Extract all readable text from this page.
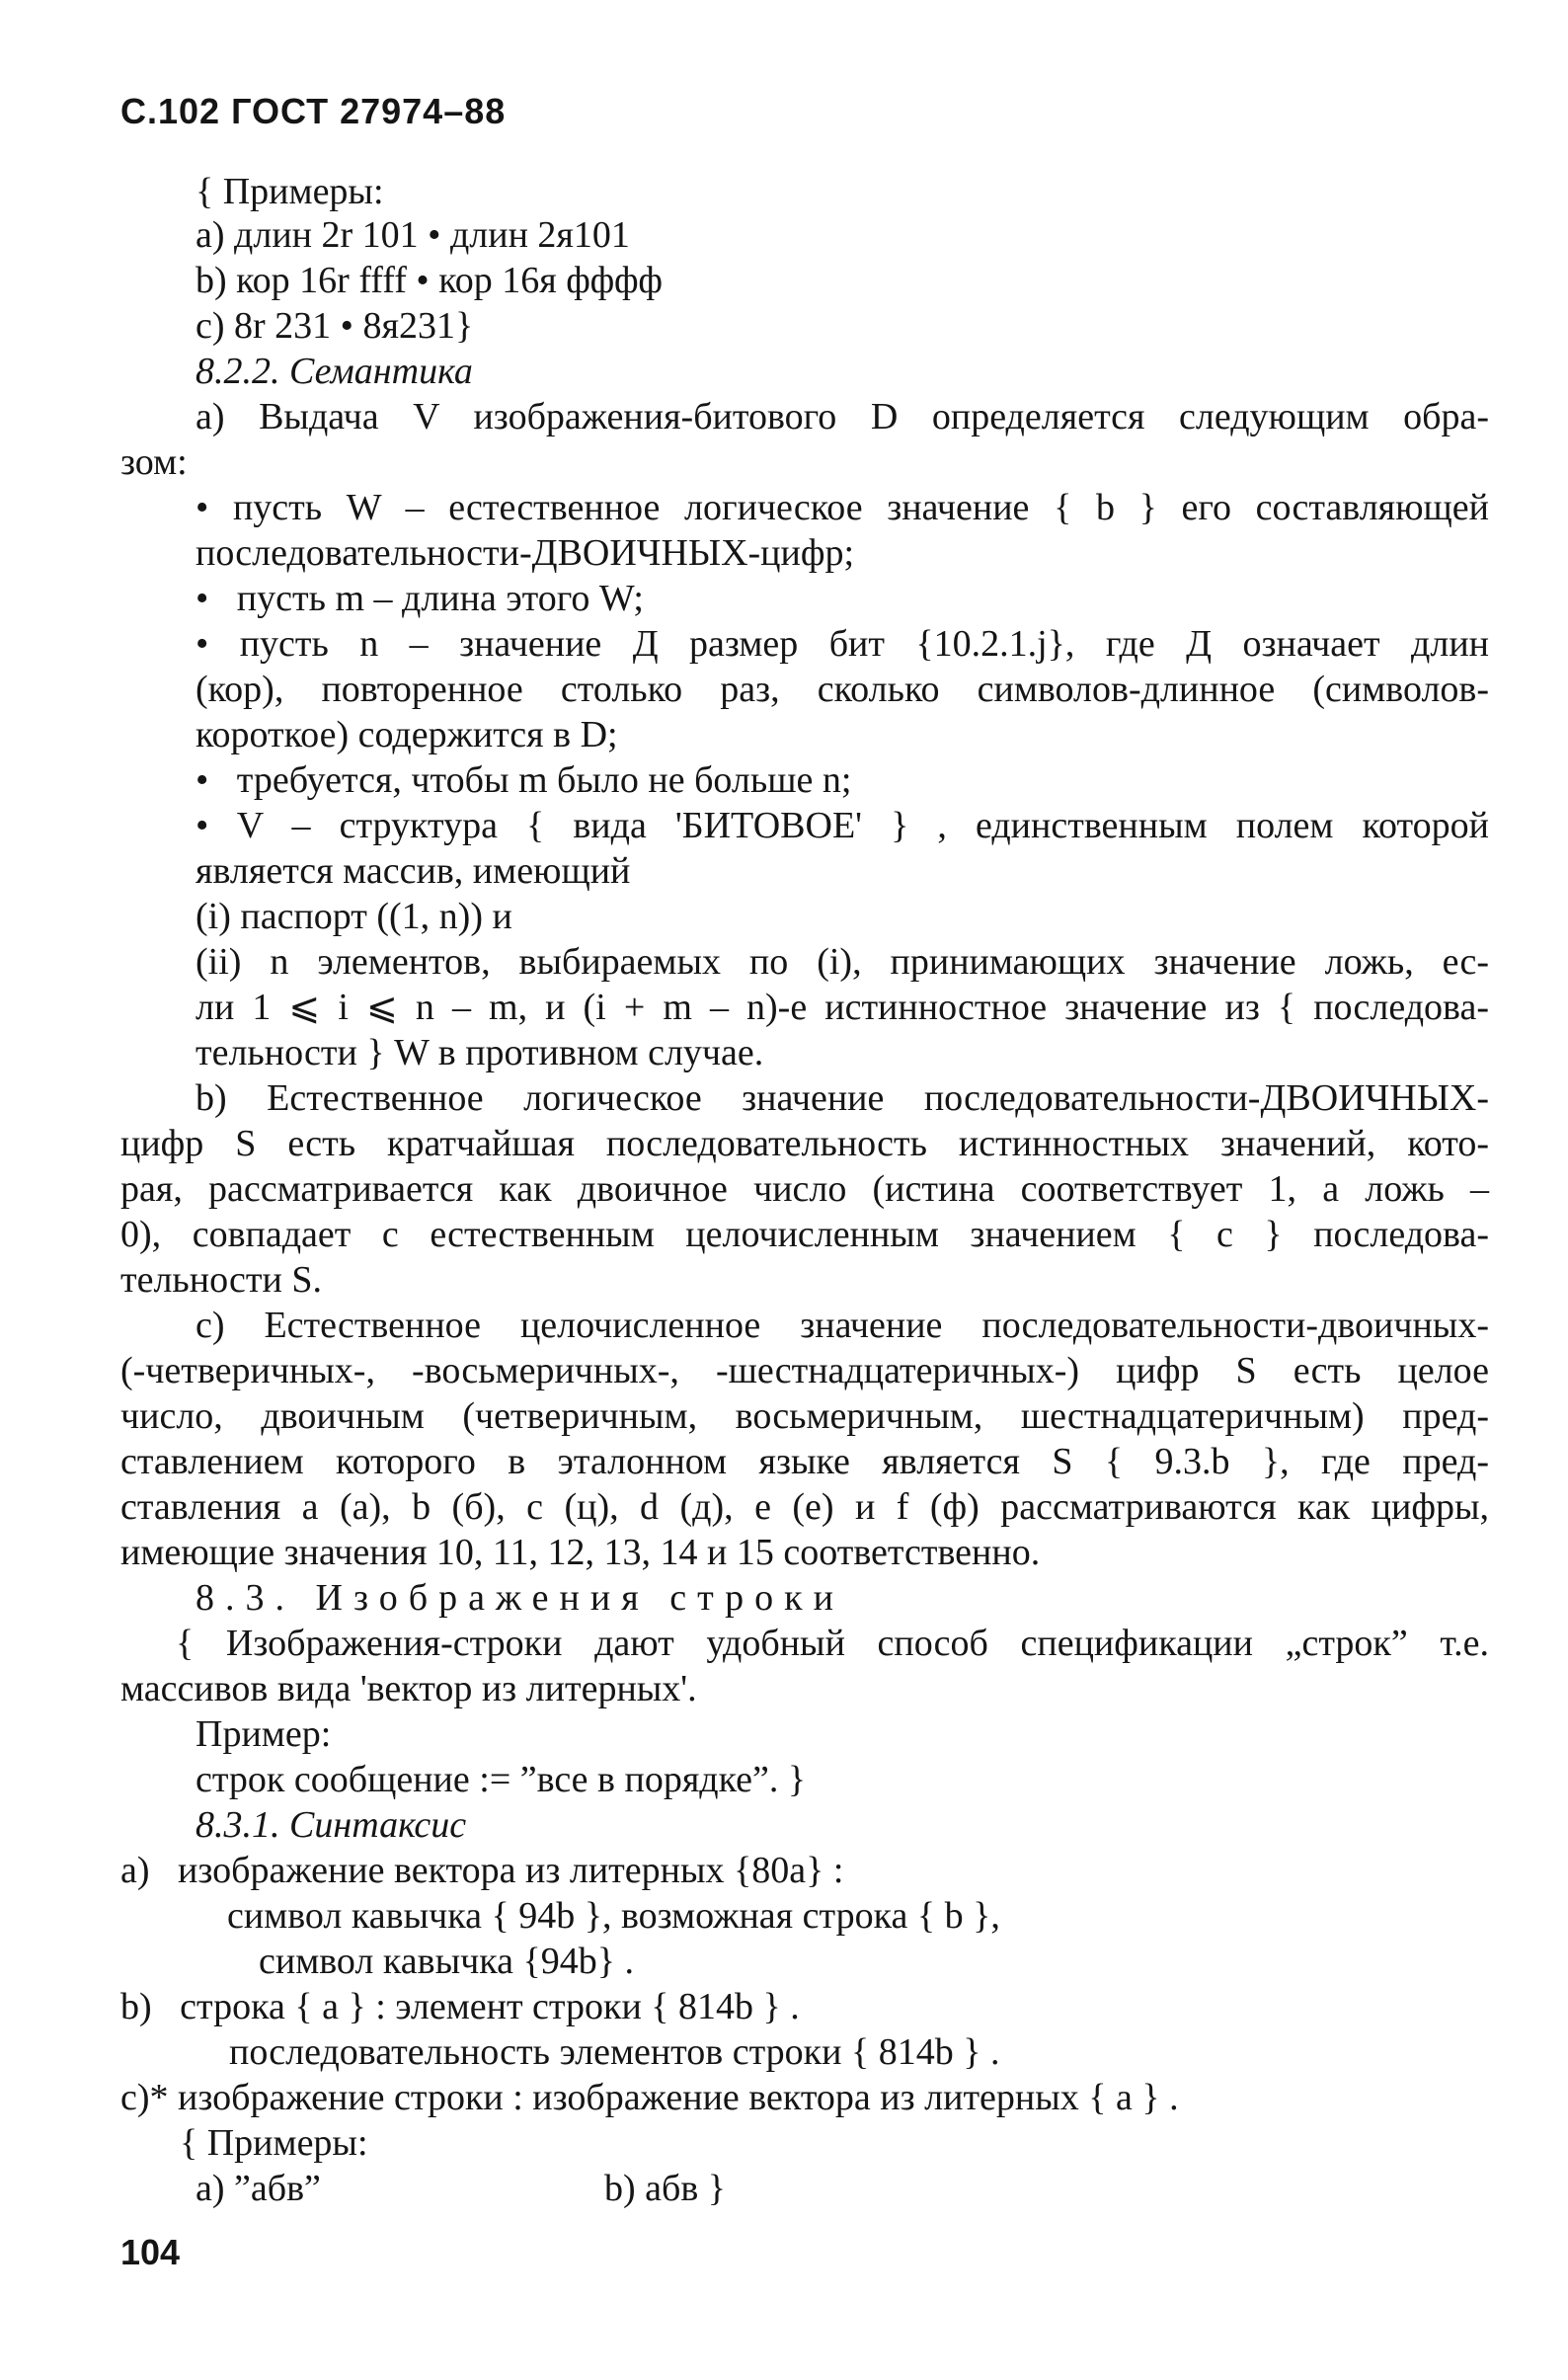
С.102 ГОСТ 27974–88
{ Примеры:
a) длин 2r 101 • длин 2я101
b) кор 16r ffff • кор 16я фффф
c) 8r 231 • 8я231}
8.2.2. Семантика
a) Выдача V изображения-битового D определяется следующим обра-
зом:
• пусть W – естественное логическое значение { b } его составляющей
последовательности-ДВОИЧНЫХ-цифр;
•   пусть m – длина этого W;
• пусть n – значение Д размер бит {10.2.1.j}, где Д означает длин
(кор), повторенное столько раз, сколько символов-длинное (символов-
короткое) содержится в D;
•   требуется, чтобы m было не больше n;
• V – структура { вида 'БИТОВОЕ' } , единственным полем которой
является массив, имеющий
(i) паспорт ((1, n)) и
(ii) n элементов, выбираемых по (i), принимающих значение ложь, ес-
ли 1 ⩽ i ⩽ n – m, и (i + m – n)-е истинностное значение из { последова-
тельности } W в противном случае.
b) Естественное логическое значение последовательности-ДВОИЧНЫХ-
цифр S есть кратчайшая последовательность истинностных значений, кото-
рая, рассматривается как двоичное число (истина соответствует 1, а ложь –
0), совпадает с естественным целочисленным значением { c } последова-
тельности S.
c) Естественное целочисленное значение последовательности-двоичных-
(-четверичных-, -восьмеричных-, -шестнадцатеричных-) цифр S есть целое
число, двоичным (четверичным, восьмеричным, шестнадцатеричным) пред-
ставлением которого в эталонном языке является S { 9.3.b }, где пред-
ставления a (a), b (б), c (ц), d (д), e (e) и f (ф) рассматриваются как цифры,
имеющие значения 10, 11, 12, 13, 14 и 15 соответственно.
8.3. Изображения строки
{ Изображения-строки дают удобный способ спецификации „строк” т.е.
массивов вида 'вектор из литерных'.
Пример:
строк сообщение := ”все в порядке”. }
8.3.1. Синтаксис
a)   изображение вектора из литерных {80a} :
символ кавычка { 94b }, возможная строка { b },
символ кавычка {94b} .
b)   строка { a } : элемент строки { 814b } .
последовательность элементов строки { 814b } .
c)* изображение строки : изображение вектора из литерных { a } .
{ Примеры:
a) ”абв”	b) абв }
104
